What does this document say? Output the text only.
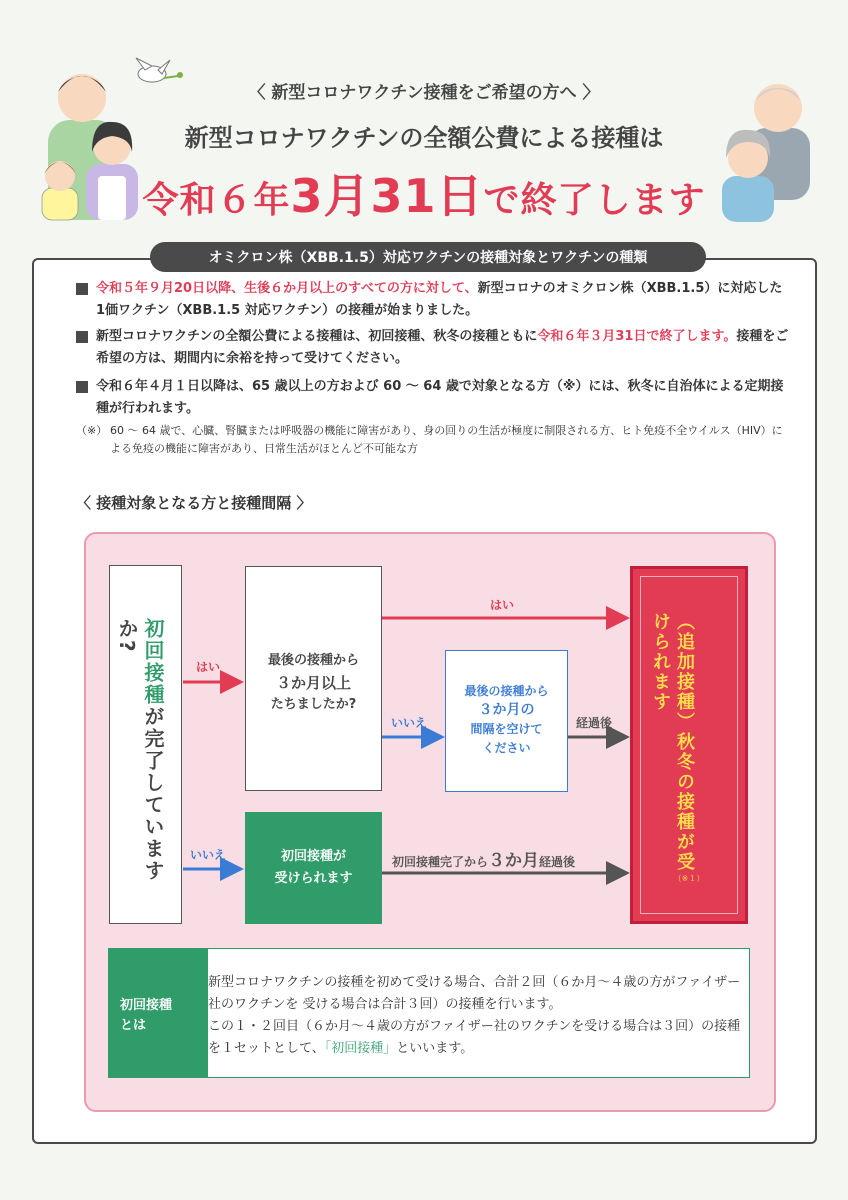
〈 新型コロナワクチン接種をご希望の方へ 〉
新型コロナワクチンの全額公費による接種は
令和６年3月31日で終了します
オミクロン株（XBB.1.5）対応ワクチンの接種対象とワクチンの種類
令和５年９月20日以降、生後６か月以上のすべての方に対して、新型コロナのオミクロン株（XBB.1.5）に対応した1価ワクチン（XBB.1.5 対応ワクチン）の接種が始まりました。
新型コロナワクチンの全額公費による接種は、初回接種、秋冬の接種ともに令和６年３月31日で終了します。接種をご希望の方は、期間内に余裕を持って受けてください。
令和６年４月１日以降は、65 歳以上の方および 60 〜 64 歳で対象となる方（※）には、秋冬に自治体による定期接種が行われます。
（※） 60 〜 64 歳で、心臓、腎臓または呼吸器の機能に障害があり、身の回りの生活が極度に制限される方、ヒト免疫不全ウイルス（HIV）による免疫の機能に障害があり、日常生活がほとんど不可能な方
〈 接種対象となる方と接種間隔 〉
初回接種が完了していますか?
最後の接種から
３か月以上
たちましたか?
最後の接種から
３か月の
間隔を空けて
ください
初回接種が
受けられます
（追加接種）秋冬の接種が受けられます
（※１）
はい
はい
いいえ	経過後
いいえ	初回接種完了から３か月経過後
初回接種
とは
新型コロナワクチンの接種を初めて受ける場合、合計２回（６か月〜４歳の方がファイザー社のワクチンを 受ける場合は合計３回）の接種を行います。
この１・２回目（６か月〜４歳の方がファイザー社のワクチンを受ける場合は３回）の接種を１セットとして、「初回接種」といいます。
